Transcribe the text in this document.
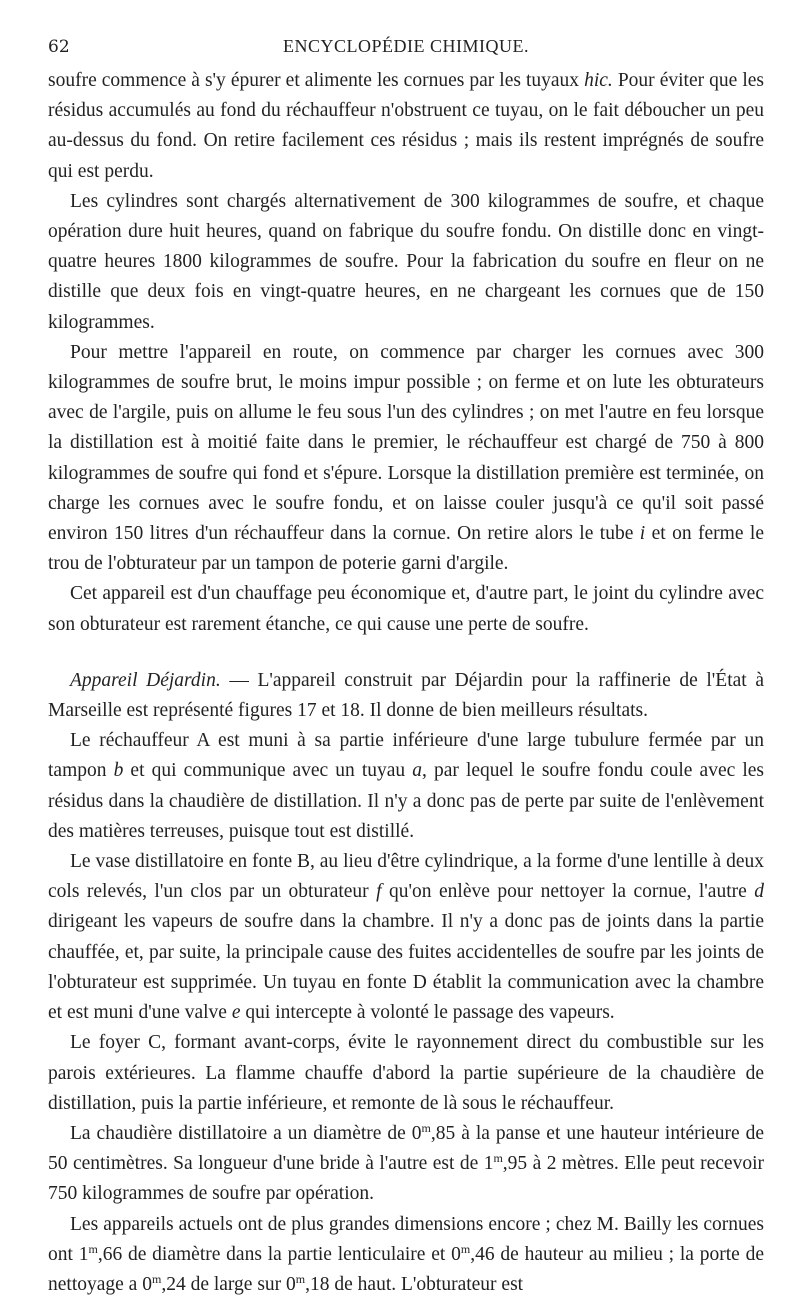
62	ENCYCLOPÉDIE CHIMIQUE.

soufre commence à s'y épurer et alimente les cornues par les tuyaux hic. Pour éviter que les résidus accumulés au fond du réchauffeur n'obstruent ce tuyau, on le fait déboucher un peu au-dessus du fond. On retire facilement ces résidus ; mais ils restent imprégnés de soufre qui est perdu.

Les cylindres sont chargés alternativement de 300 kilogrammes de soufre, et chaque opération dure huit heures, quand on fabrique du soufre fondu. On distille donc en vingt-quatre heures 1800 kilogrammes de soufre. Pour la fabrication du soufre en fleur on ne distille que deux fois en vingt-quatre heures, en ne chargeant les cornues que de 150 kilogrammes.

Pour mettre l'appareil en route, on commence par charger les cornues avec 300 kilogrammes de soufre brut, le moins impur possible ; on ferme et on lute les obturateurs avec de l'argile, puis on allume le feu sous l'un des cylindres ; on met l'autre en feu lorsque la distillation est à moitié faite dans le premier, le réchauffeur est chargé de 750 à 800 kilogrammes de soufre qui fond et s'épure. Lorsque la distillation première est terminée, on charge les cornues avec le soufre fondu, et on laisse couler jusqu'à ce qu'il soit passé environ 150 litres d'un réchauffeur dans la cornue. On retire alors le tube i et on ferme le trou de l'obturateur par un tampon de poterie garni d'argile.

Cet appareil est d'un chauffage peu économique et, d'autre part, le joint du cylindre avec son obturateur est rarement étanche, ce qui cause une perte de soufre.

Appareil Déjardin. — L'appareil construit par Déjardin pour la raffinerie de l'État à Marseille est représenté figures 17 et 18. Il donne de bien meilleurs résultats.

Le réchauffeur A est muni à sa partie inférieure d'une large tubulure fermée par un tampon b et qui communique avec un tuyau a, par lequel le soufre fondu coule avec les résidus dans la chaudière de distillation. Il n'y a donc pas de perte par suite de l'enlèvement des matières terreuses, puisque tout est distillé.

Le vase distillatoire en fonte B, au lieu d'être cylindrique, a la forme d'une lentille à deux cols relevés, l'un clos par un obturateur f qu'on enlève pour nettoyer la cornue, l'autre d dirigeant les vapeurs de soufre dans la chambre. Il n'y a donc pas de joints dans la partie chauffée, et, par suite, la principale cause des fuites accidentelles de soufre par les joints de l'obturateur est supprimée. Un tuyau en fonte D établit la communication avec la chambre et est muni d'une valve e qui intercepte à volonté le passage des vapeurs.

Le foyer C, formant avant-corps, évite le rayonnement direct du combustible sur les parois extérieures. La flamme chauffe d'abord la partie supérieure de la chaudière de distillation, puis la partie inférieure, et remonte de là sous le réchauffeur.

La chaudière distillatoire a un diamètre de 0$^m$,85 à la panse et une hauteur intérieure de 50 centimètres. Sa longueur d'une bride à l'autre est de 1$^m$,95 à 2 mètres. Elle peut recevoir 750 kilogrammes de soufre par opération.

Les appareils actuels ont de plus grandes dimensions encore ; chez M. Bailly les cornues ont 1$^m$,66 de diamètre dans la partie lenticulaire et 0$^m$,46 de hauteur au milieu ; la porte de nettoyage a 0$^m$,24 de large sur 0$^m$,18 de haut. L'obturateur est
